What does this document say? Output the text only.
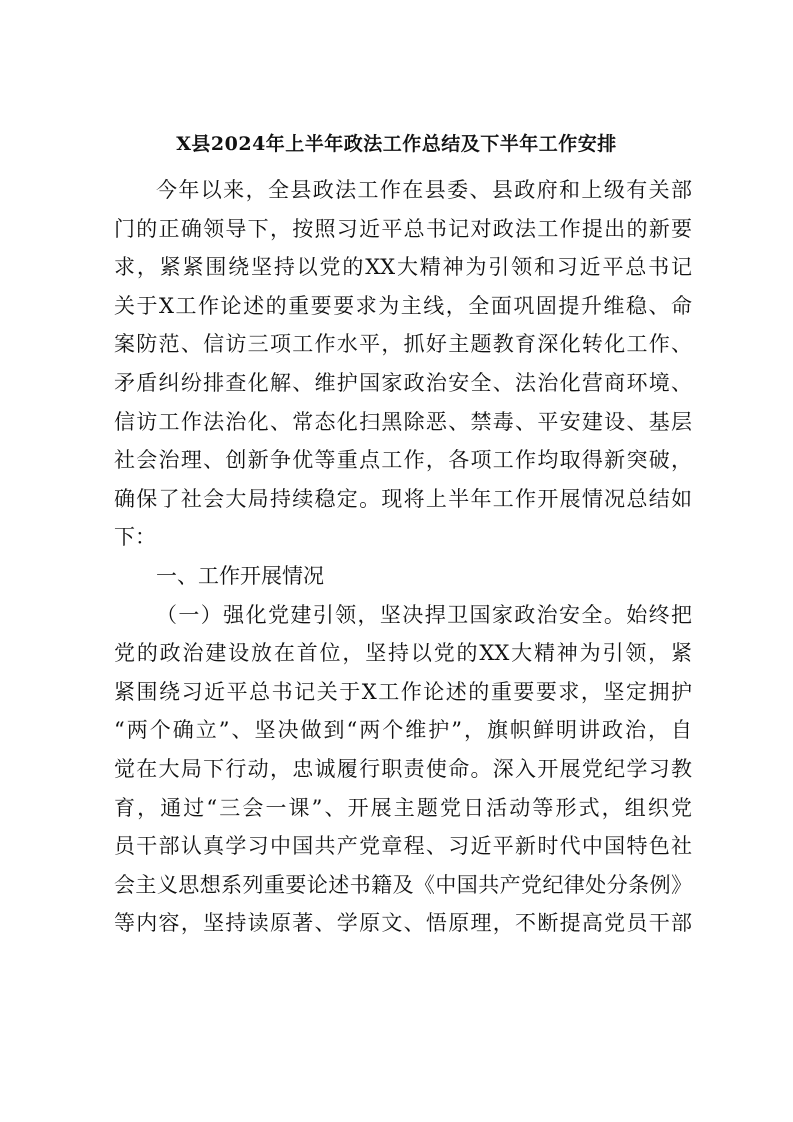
X县2024年上半年政法工作总结及下半年工作安排
今年以来，全县政法工作在县委、县政府和上级有关部
门的正确领导下，按照习近平总书记对政法工作提出的新要
求，紧紧围绕坚持以党的XX大精神为引领和习近平总书记
关于X工作论述的重要要求为主线，全面巩固提升维稳、命
案防范、信访三项工作水平，抓好主题教育深化转化工作、
矛盾纠纷排查化解、维护国家政治安全、法治化营商环境、
信访工作法治化、常态化扫黑除恶、禁毒、平安建设、基层
社会治理、创新争优等重点工作，各项工作均取得新突破，
确保了社会大局持续稳定。现将上半年工作开展情况总结如
下：
一、工作开展情况
（一）强化党建引领，坚决捍卫国家政治安全。始终把
党的政治建设放在首位，坚持以党的XX大精神为引领，紧
紧围绕习近平总书记关于X工作论述的重要要求，坚定拥护
“两个确立”、坚决做到“两个维护”，旗帜鲜明讲政治，自
觉在大局下行动，忠诚履行职责使命。深入开展党纪学习教
育，通过“三会一课”、开展主题党日活动等形式，组织党
员干部认真学习中国共产党章程、习近平新时代中国特色社
会主义思想系列重要论述书籍及《中国共产党纪律处分条例》
等内容，坚持读原著、学原文、悟原理，不断提高党员干部
